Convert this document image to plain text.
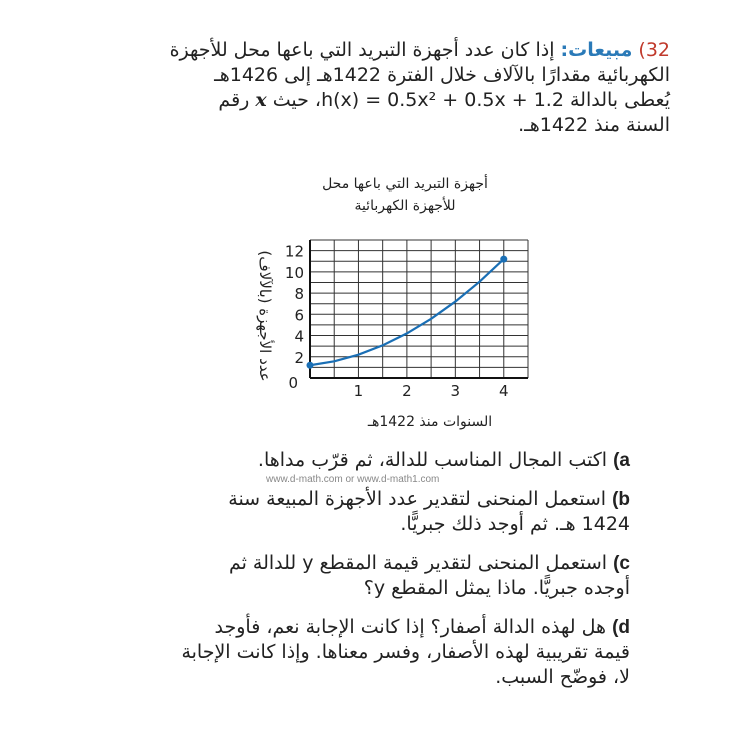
32) مبيعات: إذا كان عدد أجهزة التبريد التي باعها محل للأجهزة
الكهربائية مقدارًا بالآلاف خلال الفترة 1422هـ إلى 1426هـ
يُعطى بالدالة h(x) = 0.5x² + 0.5x + 1.2، حيث x رقم
السنة منذ 1422هـ.
أجهزة التبريد التي باعها محل
للأجهزة الكهربائية
1	2	3	4
2
4
6
8
10
12
0
عدد الأجهزة (بالآلاف)
السنوات منذ 1422هـ
www.d-math.com or www.d-math1.com
a) اكتب المجال المناسب للدالة، ثم قرّب مداها.
b) استعمل المنحنى لتقدير عدد الأجهزة المبيعة سنة 1424 هـ. ثم أوجد ذلك جبريًّا.
c) استعمل المنحنى لتقدير قيمة المقطع y للدالة ثم أوجده جبريًّا. ماذا يمثل المقطع y؟
d) هل لهذه الدالة أصفار؟ إذا كانت الإجابة نعم، فأوجد قيمة تقريبية لهذه الأصفار، وفسر معناها. وإذا كانت الإجابة لا، فوضّح السبب.
